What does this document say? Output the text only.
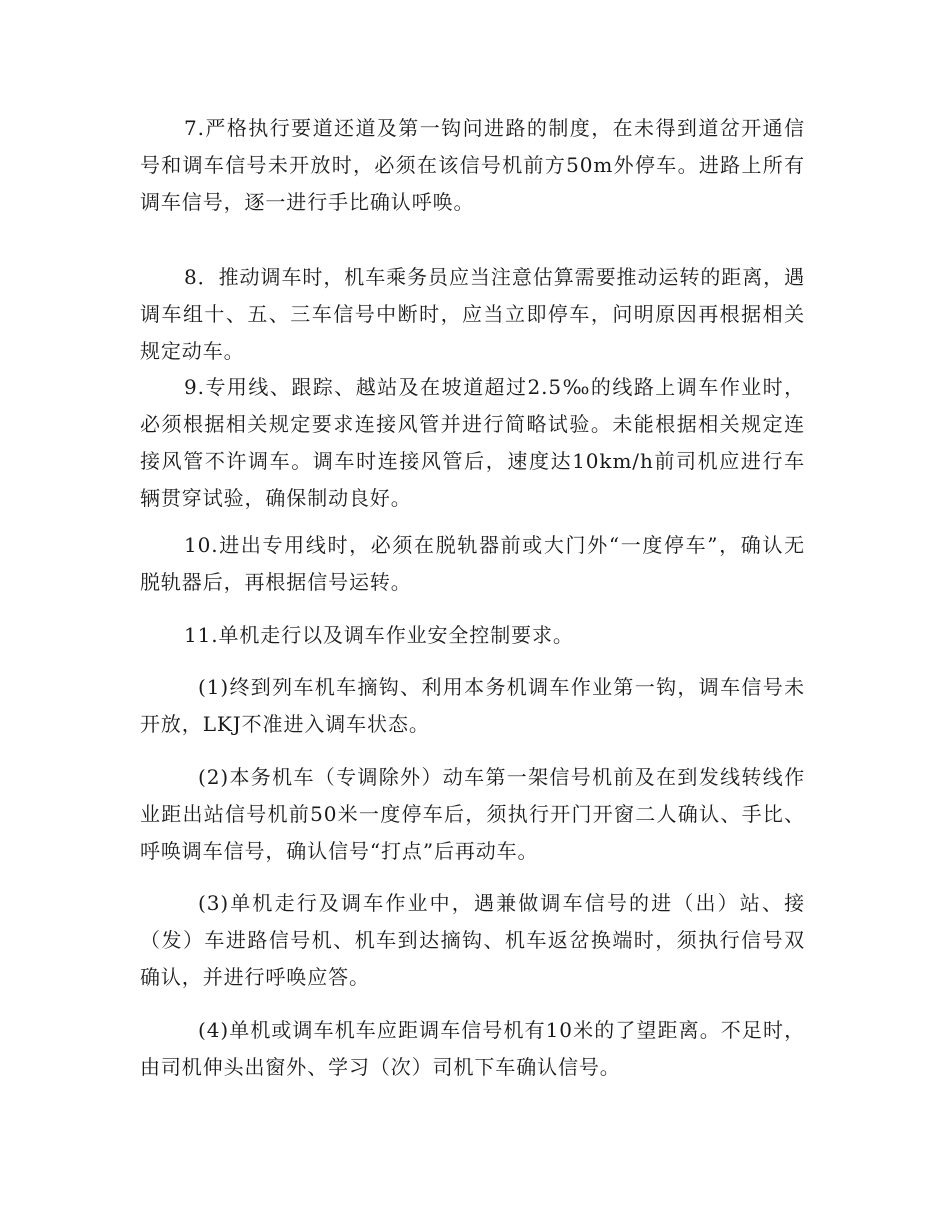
7.严格执行要道还道及第一钩问进路的制度，在未得到道岔开通信号和调车信号未开放时，必须在该信号机前方50m外停车。进路上所有调车信号，逐一进行手比确认呼唤。

8．推动调车时，机车乘务员应当注意估算需要推动运转的距离，遇调车组十、五、三车信号中断时，应当立即停车，问明原因再根据相关规定动车。

9.专用线、跟踪、越站及在坡道超过2.5‰的线路上调车作业时，必须根据相关规定要求连接风管并进行简略试验。未能根据相关规定连接风管不许调车。调车时连接风管后，速度达10km/h前司机应进行车辆贯穿试验，确保制动良好。

10.进出专用线时，必须在脱轨器前或大门外“一度停车”，确认无脱轨器后，再根据信号运转。

11.单机走行以及调车作业安全控制要求。

(1)终到列车机车摘钩、利用本务机调车作业第一钩，调车信号未开放，LKJ不准进入调车状态。

(2)本务机车（专调除外）动车第一架信号机前及在到发线转线作业距出站信号机前50米一度停车后，须执行开门开窗二人确认、手比、呼唤调车信号，确认信号“打点”后再动车。

(3)单机走行及调车作业中，遇兼做调车信号的进（出）站、接（发）车进路信号机、机车到达摘钩、机车返岔换端时，须执行信号双确认，并进行呼唤应答。

(4)单机或调车机车应距调车信号机有10米的了望距离。不足时，由司机伸头出窗外、学习（次）司机下车确认信号。
